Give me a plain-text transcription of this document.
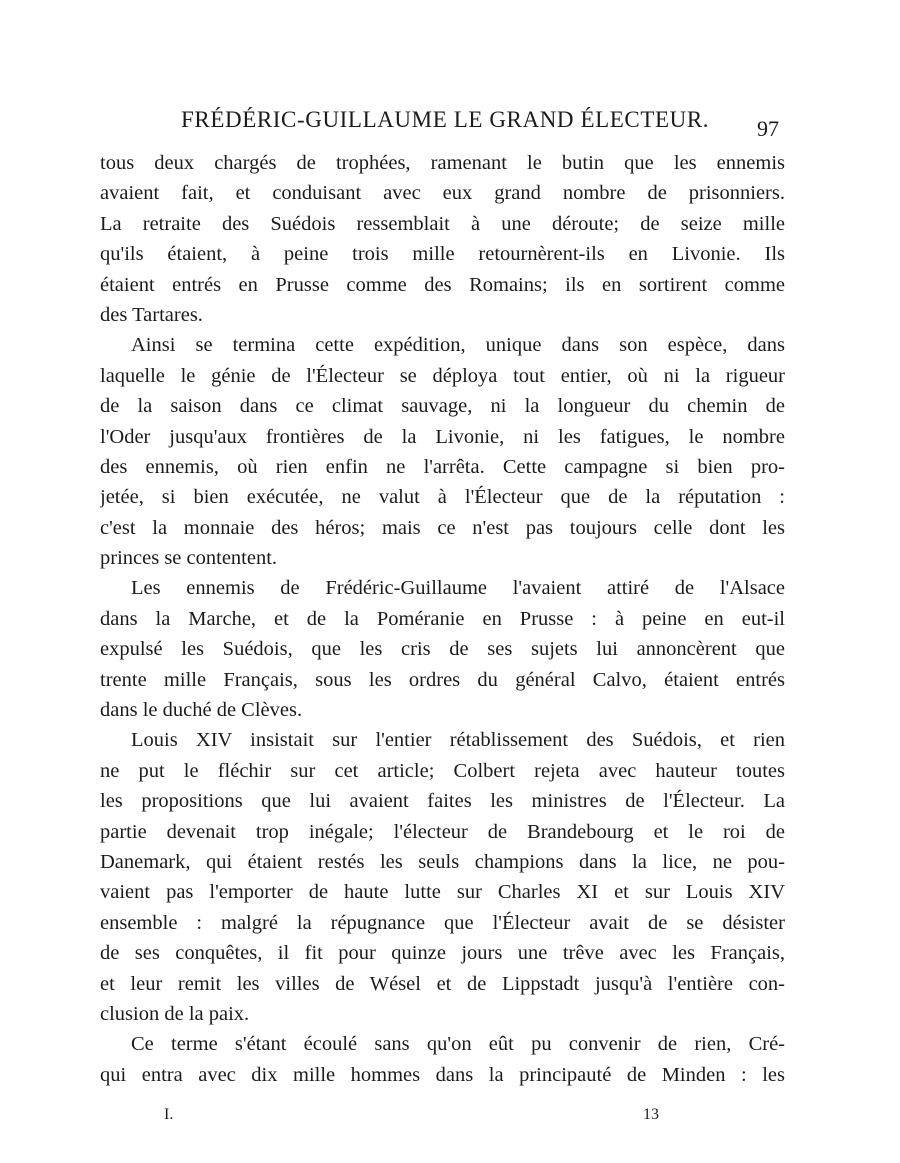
FRÉDÉRIC-GUILLAUME LE GRAND ÉLECTEUR. 97
tous deux chargés de trophées, ramenant le butin que les ennemis
avaient fait, et conduisant avec eux grand nombre de prisonniers.
La retraite des Suédois ressemblait à une déroute; de seize mille
qu'ils étaient, à peine trois mille retournèrent-ils en Livonie. Ils
étaient entrés en Prusse comme des Romains; ils en sortirent comme
des Tartares.
Ainsi se termina cette expédition, unique dans son espèce, dans
laquelle le génie de l'Électeur se déploya tout entier, où ni la rigueur
de la saison dans ce climat sauvage, ni la longueur du chemin de
l'Oder jusqu'aux frontières de la Livonie, ni les fatigues, le nombre
des ennemis, où rien enfin ne l'arrêta. Cette campagne si bien pro-
jetée, si bien exécutée, ne valut à l'Électeur que de la réputation :
c'est la monnaie des héros; mais ce n'est pas toujours celle dont les
princes se contentent.
Les ennemis de Frédéric-Guillaume l'avaient attiré de l'Alsace
dans la Marche, et de la Poméranie en Prusse : à peine en eut-il
expulsé les Suédois, que les cris de ses sujets lui annoncèrent que
trente mille Français, sous les ordres du général Calvo, étaient entrés
dans le duché de Clèves.
Louis XIV insistait sur l'entier rétablissement des Suédois, et rien
ne put le fléchir sur cet article; Colbert rejeta avec hauteur toutes
les propositions que lui avaient faites les ministres de l'Électeur. La
partie devenait trop inégale; l'électeur de Brandebourg et le roi de
Danemark, qui étaient restés les seuls champions dans la lice, ne pou-
vaient pas l'emporter de haute lutte sur Charles XI et sur Louis XIV
ensemble : malgré la répugnance que l'Électeur avait de se désister
de ses conquêtes, il fit pour quinze jours une trêve avec les Français,
et leur remit les villes de Wésel et de Lippstadt jusqu'à l'entière con-
clusion de la paix.
Ce terme s'étant écoulé sans qu'on eût pu convenir de rien, Cré-
qui entra avec dix mille hommes dans la principauté de Minden : les
I.	13
